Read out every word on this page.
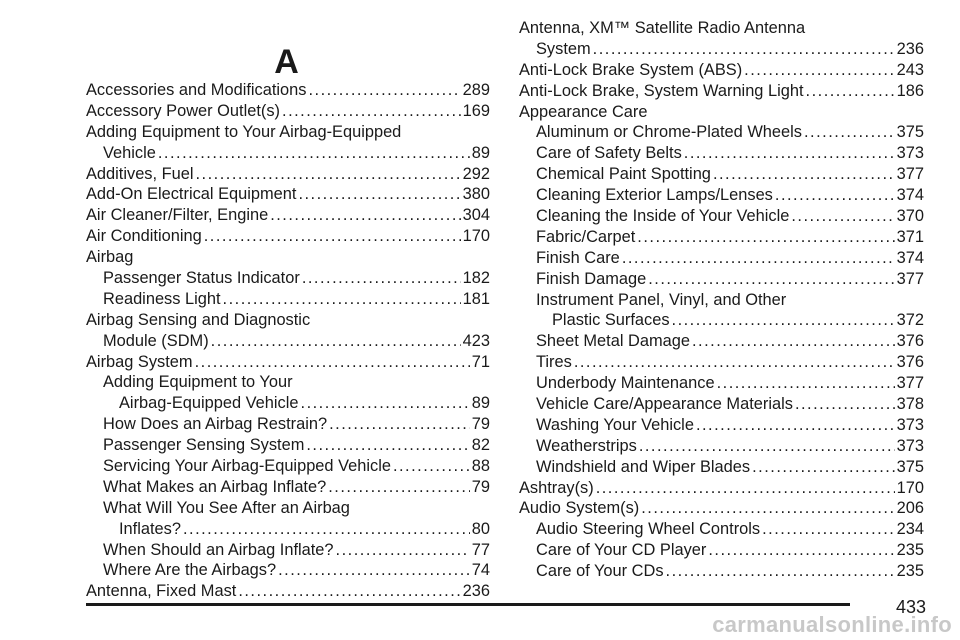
A
Accessories and Modifications .....	289
Accessory Power Outlet(s) .....	169
Adding Equipment to Your Airbag-Equipped
Vehicle .....	89
Additives, Fuel .....	292
Add-On Electrical Equipment .....	380
Air Cleaner/Filter, Engine .....	304
Air Conditioning .....	170
Airbag
Passenger Status Indicator .....	182
Readiness Light .....	181
Airbag Sensing and Diagnostic
Module (SDM) .....	423
Airbag System .....	71
Adding Equipment to Your
Airbag-Equipped Vehicle .....	89
How Does an Airbag Restrain? .....	79
Passenger Sensing System .....	82
Servicing Your Airbag-Equipped Vehicle .....	88
What Makes an Airbag Inflate? .....	79
What Will You See After an Airbag
Inflates? .....	80
When Should an Airbag Inflate? .....	77
Where Are the Airbags? .....	74
Antenna, Fixed Mast .....	236
Antenna, XM™ Satellite Radio Antenna
System .....	236
Anti-Lock Brake System (ABS) .....	243
Anti-Lock Brake, System Warning Light .....	186
Appearance Care
Aluminum or Chrome-Plated Wheels .....	375
Care of Safety Belts .....	373
Chemical Paint Spotting .....	377
Cleaning Exterior Lamps/Lenses .....	374
Cleaning the Inside of Your Vehicle .....	370
Fabric/Carpet .....	371
Finish Care .....	374
Finish Damage .....	377
Instrument Panel, Vinyl, and Other
Plastic Surfaces .....	372
Sheet Metal Damage .....	376
Tires .....	376
Underbody Maintenance .....	377
Vehicle Care/Appearance Materials .....	378
Washing Your Vehicle .....	373
Weatherstrips .....	373
Windshield and Wiper Blades .....	375
Ashtray(s) .....	170
Audio System(s) .....	206
Audio Steering Wheel Controls .....	234
Care of Your CD Player .....	235
Care of Your CDs .....	235
433
carmanualsonline.info
